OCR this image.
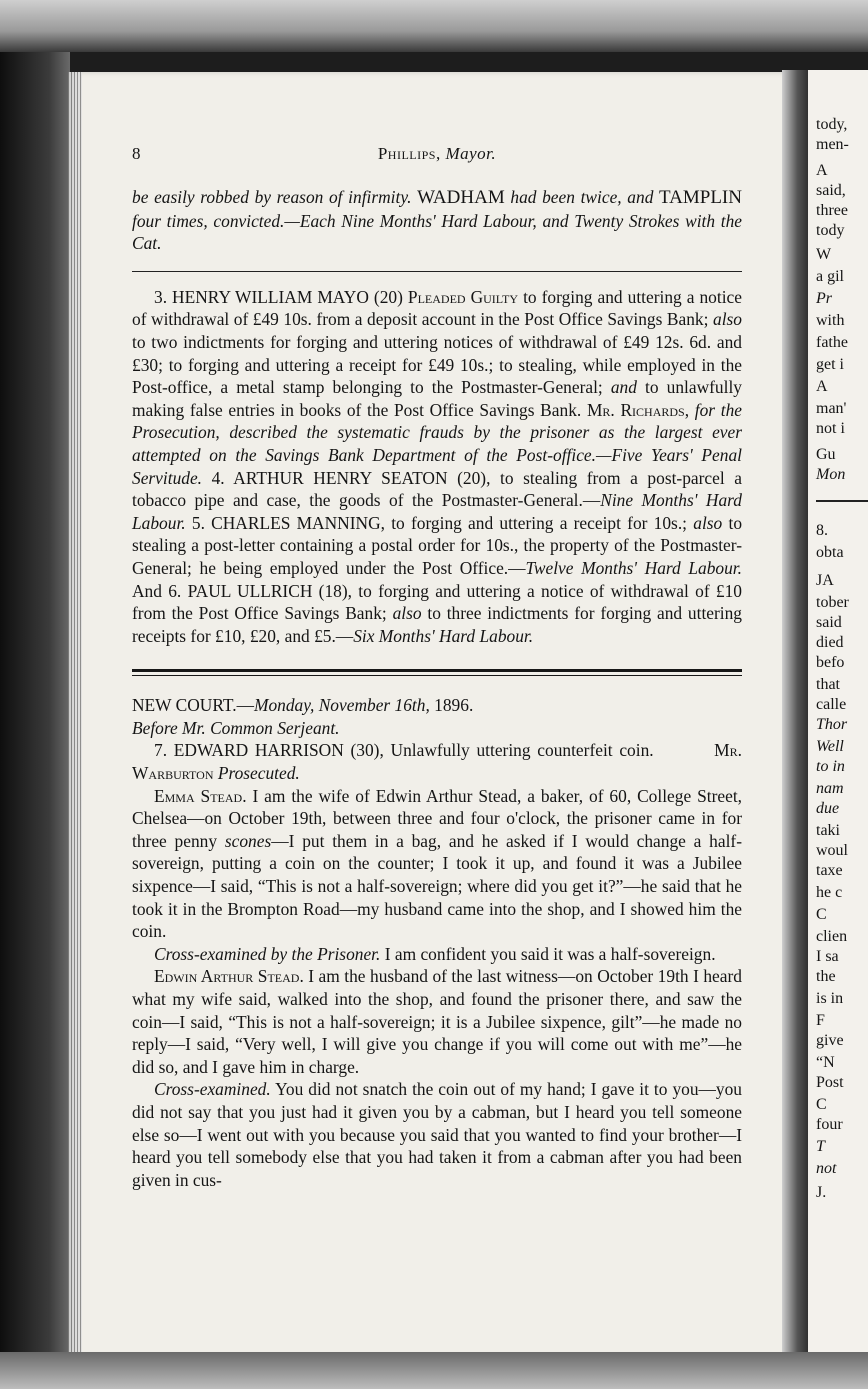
tody,
men-
A
said,
three
tody
W
a gil
Pr
with
fathe
get i
A
man'
not i
Gu
Mon
8.
obta
JA
tober
said
died
befo
that
calle
Thor
Well
to in
nam
due
taki
woul
taxe
he c
C
clien
I sa
the
is in
F
give
“N
Post
C
four
T
not
J.
8	Phillips, Mayor.

be easily robbed by reason of infirmity. WADHAM had been twice, and TAMPLIN four times, convicted.—Each Nine Months' Hard Labour, and Twenty Strokes with the Cat.

3. HENRY WILLIAM MAYO (20) Pleaded Guilty to forging and uttering a notice of withdrawal of £49 10s. from a deposit account in the Post Office Savings Bank; also to two indictments for forging and uttering notices of withdrawal of £49 12s. 6d. and £30; to forging and uttering a receipt for £49 10s.; to stealing, while employed in the Post-office, a metal stamp belonging to the Postmaster-General; and to unlawfully making false entries in books of the Post Office Savings Bank. Mr. Richards, for the Prosecution, described the systematic frauds by the prisoner as the largest ever attempted on the Savings Bank Department of the Post-office.—Five Years' Penal Servitude. 4. ARTHUR HENRY SEATON (20), to stealing from a post-parcel a tobacco pipe and case, the goods of the Postmaster-General.—Nine Months' Hard Labour. 5. CHARLES MANNING, to forging and uttering a receipt for 10s.; also to stealing a post-letter containing a postal order for 10s., the property of the Postmaster-General; he being employed under the Post Office.—Twelve Months' Hard Labour. And 6. PAUL ULLRICH (18), to forging and uttering a notice of withdrawal of £10 from the Post Office Savings Bank; also to three indictments for forging and uttering receipts for £10, £20, and £5.—Six Months' Hard Labour.

NEW COURT.—Monday, November 16th, 1896.

Before Mr. Common Serjeant.

7. EDWARD HARRISON (30), Unlawfully uttering counterfeit coin.	Mr. Warburton Prosecuted.

Emma Stead. I am the wife of Edwin Arthur Stead, a baker, of 60, College Street, Chelsea—on October 19th, between three and four o'clock, the prisoner came in for three penny scones—I put them in a bag, and he asked if I would change a half-sovereign, putting a coin on the counter; I took it up, and found it was a Jubilee sixpence—I said, “This is not a half-sovereign; where did you get it?”—he said that he took it in the Brompton Road—my husband came into the shop, and I showed him the coin.

Cross-examined by the Prisoner. I am confident you said it was a half-sovereign.

Edwin Arthur Stead. I am the husband of the last witness—on October 19th I heard what my wife said, walked into the shop, and found the prisoner there, and saw the coin—I said, “This is not a half-sovereign; it is a Jubilee sixpence, gilt”—he made no reply—I said, “Very well, I will give you change if you will come out with me”—he did so, and I gave him in charge.

Cross-examined. You did not snatch the coin out of my hand; I gave it to you—you did not say that you just had it given you by a cabman, but I heard you tell someone else so—I went out with you because you said that you wanted to find your brother—I heard you tell somebody else that you had taken it from a cabman after you had been given in cus-
